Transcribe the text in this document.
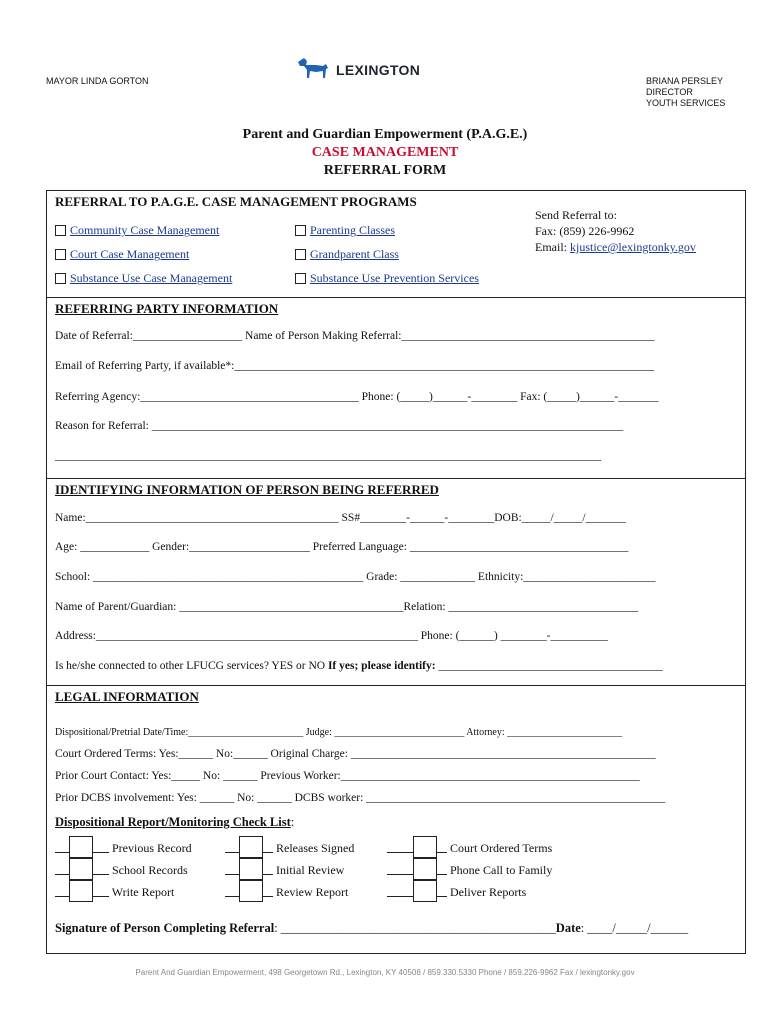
MAYOR LINDA GORTON
LEXINGTON
BRIANA PERSLEY
DIRECTOR
YOUTH SERVICES
Parent and Guardian Empowerment (P.A.G.E.)
CASE MANAGEMENT
REFERRAL FORM
REFERRAL TO P.A.G.E. CASE MANAGEMENT PROGRAMS
Community Case Management
Court Case Management
Substance Use Case Management
Parenting Classes
Grandparent Class
Substance Use Prevention Services
Send Referral to:
Fax: (859) 226-9962
Email: kjustice@lexingtonky.gov
REFERRING PARTY INFORMATION
Date of Referral:___________________ Name of Person Making Referral:____________________________________________
Email of Referring Party, if available*:_________________________________________________________________________
Referring Agency:______________________________________ Phone: (_____)______-________ Fax: (_____)______-_______
Reason for Referral: __________________________________________________________________________________
_______________________________________________________________________________________________
IDENTIFYING INFORMATION OF PERSON BEING REFERRED
Name:____________________________________________ SS#________-______-________DOB:_____/_____/_______
Age: ____________ Gender:_____________________ Preferred Language: ______________________________________
School: _______________________________________________ Grade: _____________ Ethnicity:_______________________
Name of Parent/Guardian: _______________________________________Relation: _________________________________
Address:________________________________________________________ Phone: (______) ________-__________
Is he/she connected to other LFUCG services? YES or NO If yes; please identify: _______________________________________
LEGAL INFORMATION
Dispositional/Pretrial Date/Time:_______________________ Judge: __________________________ Attorney: _______________________
Court Ordered Terms: Yes:______ No:______ Original Charge: _____________________________________________________
Prior Court Contact: Yes:_____ No: ______ Previous Worker:____________________________________________________
Prior DCBS involvement: Yes: ______ No: ______ DCBS worker: ____________________________________________________
Dispositional Report/Monitoring Check List:
Previous Record
School Records
Write Report
Releases Signed
Initial Review
Review Report
Court Ordered Terms
Phone Call to Family
Deliver Reports
Signature of Person Completing Referral: ____________________________________________Date: ____/_____/______
Parent And Guardian Empowerment, 498 Georgetown Rd., Lexington, KY 40508 / 859.330.5330 Phone / 859.226-9962 Fax / lexingtonky.gov
